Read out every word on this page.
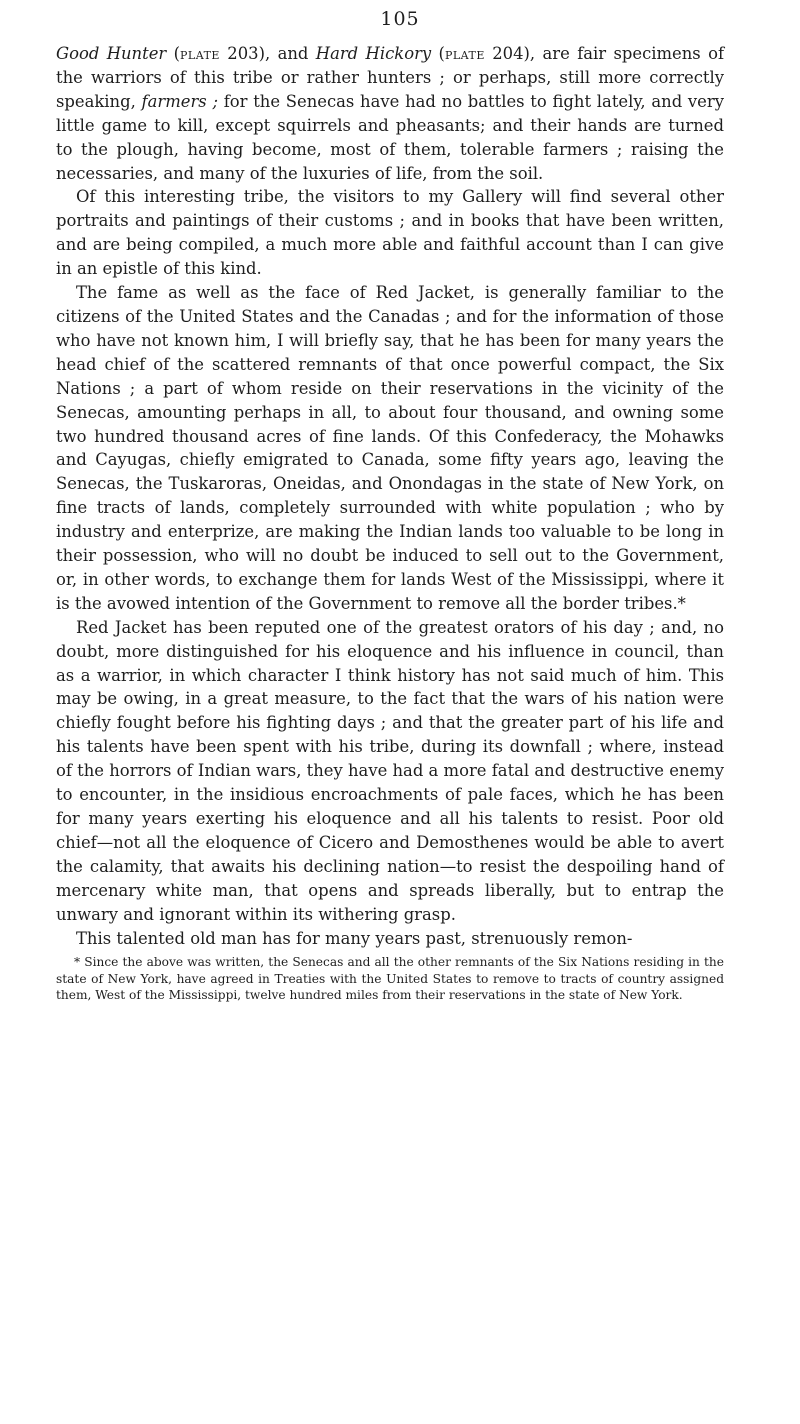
105

Good Hunter (plate 203), and Hard Hickory (plate 204), are fair specimens of the warriors of this tribe or rather hunters ; or perhaps, still more correctly speaking, farmers ; for the Senecas have had no battles to fight lately, and very little game to kill, except squirrels and pheasants; and their hands are turned to the plough, having become, most of them, tolerable farmers ; raising the necessaries, and many of the luxuries of life, from the soil.

Of this interesting tribe, the visitors to my Gallery will find several other portraits and paintings of their customs ; and in books that have been written, and are being compiled, a much more able and faithful account than I can give in an epistle of this kind.

The fame as well as the face of Red Jacket, is generally familiar to the citizens of the United States and the Canadas ; and for the information of those who have not known him, I will briefly say, that he has been for many years the head chief of the scattered remnants of that once powerful compact, the Six Nations ; a part of whom reside on their reservations in the vicinity of the Senecas, amounting perhaps in all, to about four thousand, and owning some two hundred thousand acres of fine lands. Of this Confederacy, the Mohawks and Cayugas, chiefly emigrated to Canada, some fifty years ago, leaving the Senecas, the Tuskaroras, Oneidas, and Onondagas in the state of New York, on fine tracts of lands, completely surrounded with white population ; who by industry and enterprize, are making the Indian lands too valuable to be long in their possession, who will no doubt be induced to sell out to the Government, or, in other words, to exchange them for lands West of the Mississippi, where it is the avowed intention of the Government to remove all the border tribes.*

Red Jacket has been reputed one of the greatest orators of his day ; and, no doubt, more distinguished for his eloquence and his influence in council, than as a warrior, in which character I think history has not said much of him. This may be owing, in a great measure, to the fact that the wars of his nation were chiefly fought before his fighting days ; and that the greater part of his life and his talents have been spent with his tribe, during its downfall ; where, instead of the horrors of Indian wars, they have had a more fatal and destructive enemy to encounter, in the insidious encroachments of pale faces, which he has been for many years exerting his eloquence and all his talents to resist. Poor old chief—not all the eloquence of Cicero and Demosthenes would be able to avert the calamity, that awaits his declining nation—to resist the despoiling hand of mercenary white man, that opens and spreads liberally, but to entrap the unwary and ignorant within its withering grasp.

This talented old man has for many years past, strenuously remon-

* Since the above was written, the Senecas and all the other remnants of the Six Nations residing in the state of New York, have agreed in Treaties with the United States to remove to tracts of country assigned them, West of the Mississippi, twelve hundred miles from their reservations in the state of New York.
